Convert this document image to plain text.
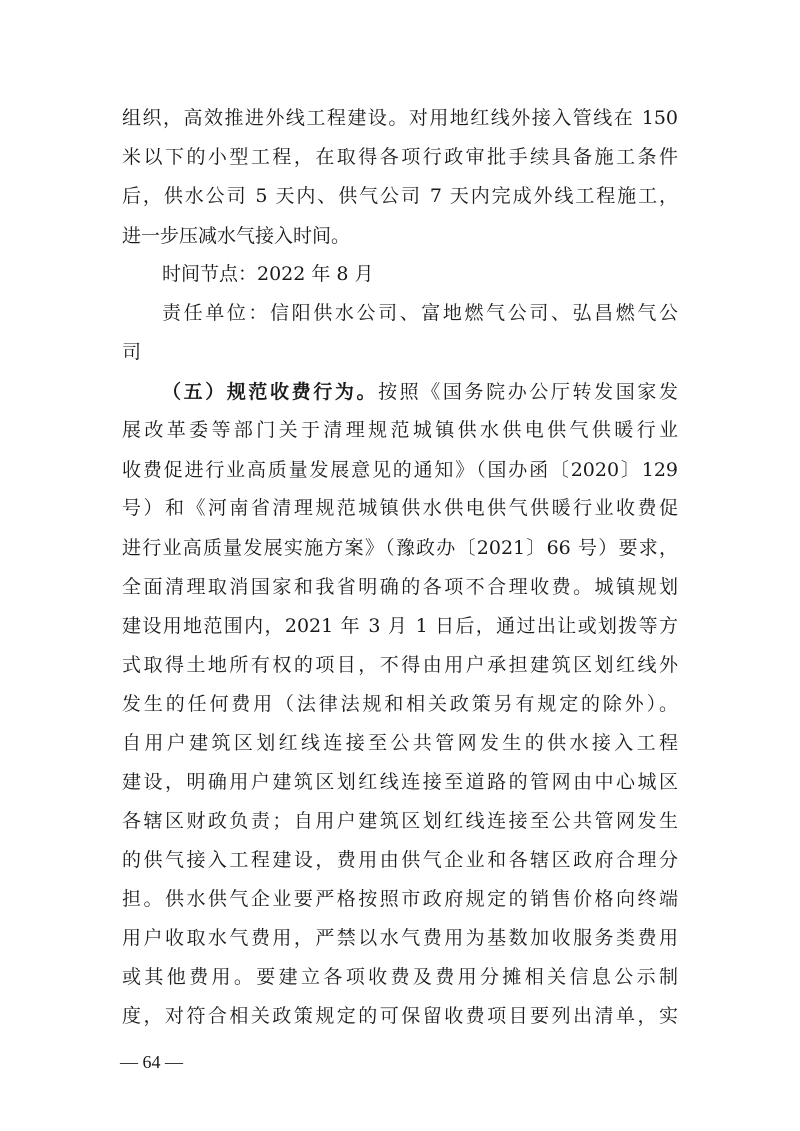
组织，高效推进外线工程建设。对用地红线外接入管线在 150
米以下的小型工程，在取得各项行政审批手续具备施工条件
后，供水公司 5 天内、供气公司 7 天内完成外线工程施工，
进一步压减水气接入时间。
时间节点：2022 年 8 月
责任单位：信阳供水公司、富地燃气公司、弘昌燃气公
司
（五）规范收费行为。按照《国务院办公厅转发国家发
展改革委等部门关于清理规范城镇供水供电供气供暖行业
收费促进行业高质量发展意见的通知》（国办函〔2020〕129
号）和《河南省清理规范城镇供水供电供气供暖行业收费促
进行业高质量发展实施方案》（豫政办〔2021〕66 号）要求，
全面清理取消国家和我省明确的各项不合理收费。城镇规划
建设用地范围内，2021 年 3 月 1 日后，通过出让或划拨等方
式取得土地所有权的项目，不得由用户承担建筑区划红线外
发生的任何费用（法律法规和相关政策另有规定的除外）。
自用户建筑区划红线连接至公共管网发生的供水接入工程
建设，明确用户建筑区划红线连接至道路的管网由中心城区
各辖区财政负责；自用户建筑区划红线连接至公共管网发生
的供气接入工程建设，费用由供气企业和各辖区政府合理分
担。供水供气企业要严格按照市政府规定的销售价格向终端
用户收取水气费用，严禁以水气费用为基数加收服务类费用
或其他费用。要建立各项收费及费用分摊相关信息公示制
度，对符合相关政策规定的可保留收费项目要列出清单，实
— 64 —
